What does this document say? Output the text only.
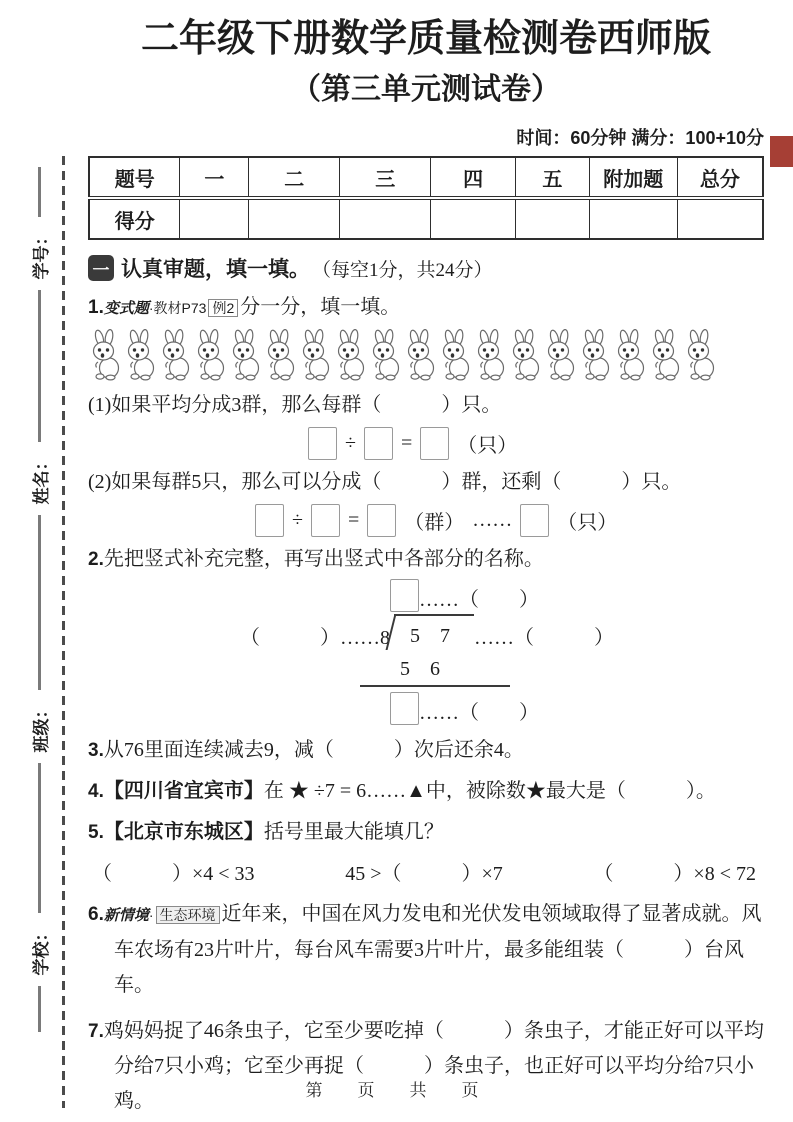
学校：
班级：
姓名：
学号：
二年级下册数学质量检测卷西师版
（第三单元测试卷）
时间：60分钟 满分：100+10分
题号	一	二	三	四	五	附加题	总分
得分							
一 认真审题，填一填。 （每空1分，共24分）
1.变式题·教材P73 例2 分一分，填一填。
(1)如果平均分成3群，那么每群（　　　）只。
÷ = （只）
(2)如果每群5只，那么可以分成（　　　）群，还剩（　　　）只。
÷ = （群） …… （只）
2.先把竖式补充完整，再写出竖式中各部分的名称。
……（　　）
（　　　）…… 8	5　7	……（　　　）
5　6
……（　　）
3.从76里面连续减去9，减（　　　）次后还余4。
4.【四川省宜宾市】在 ★ ÷7 = 6……▲中，被除数★最大是（　　　）。
5.【北京市东城区】括号里最大能填几？
（　　　）×4 < 33	45 >（　　　）×7	（　　　）×8 < 72
6.新情境· 生态环境 近年来，中国在风力发电和光伏发电领域取得了显著成就。风车农场有23片叶片，每台风车需要3片叶片，最多能组装（　　　）台风车。
7.鸡妈妈捉了46条虫子，它至少要吃掉（　　　）条虫子，才能正好可以平均分给7只小鸡；它至少再捉（　　　）条虫子，也正好可以平均分给7只小鸡。	第　页　共　页
